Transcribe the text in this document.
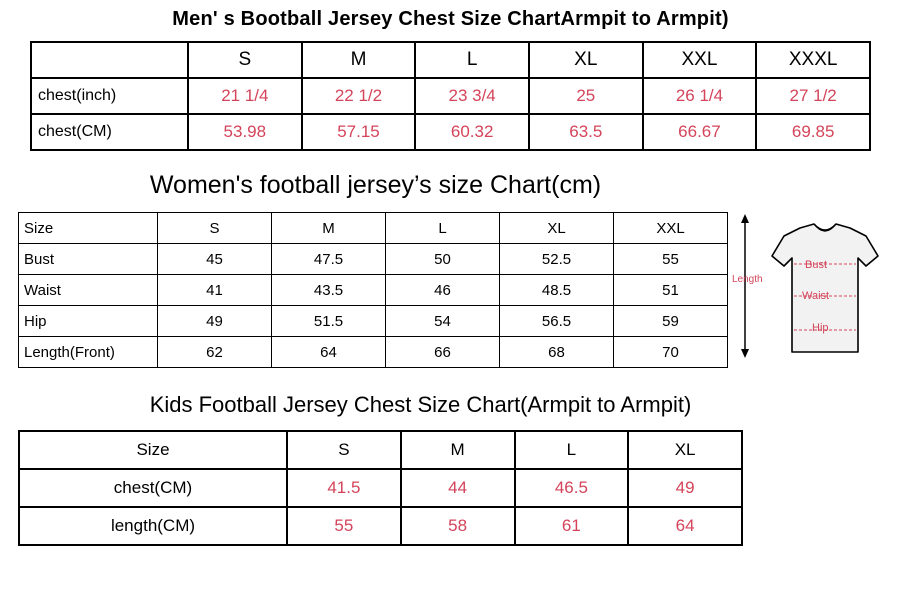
Men' s Bootball Jersey Chest Size ChartArmpit to Armpit)
	S	M	L	XL	XXL	XXXL
chest(inch)	21 1/4	22 1/2	23 3/4	25	26 1/4	27 1/2
chest(CM)	53.98	57.15	60.32	63.5	66.67	69.85
Women's football jersey’s size Chart(cm)
Size	S	M	L	XL	XXL
Bust	45	47.5	50	52.5	55
Waist	41	43.5	46	48.5	51
Hip	49	51.5	54	56.5	59
Length(Front)	62	64	66	68	70
Length
Bust
Waist
Hip
Kids Football Jersey Chest Size Chart(Armpit to Armpit)
Size	S	M	L	XL
chest(CM)	41.5	44	46.5	49
length(CM)	55	58	61	64
